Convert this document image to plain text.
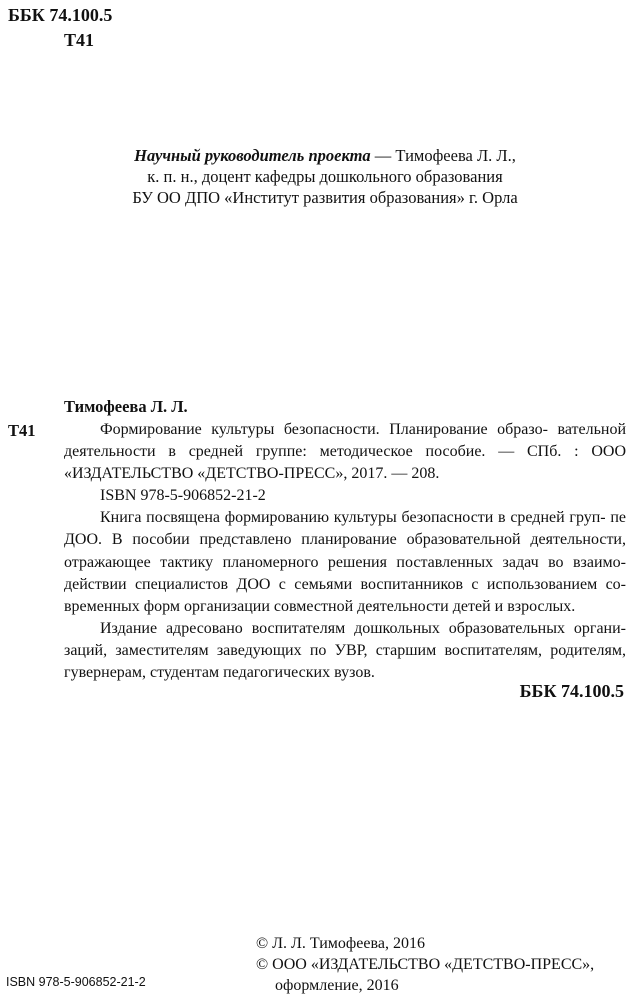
ББК 74.100.5
Т41
Научный руководитель проекта — Тимофеева Л. Л.,
к. п. н., доцент кафедры дошкольного образования
БУ ОО ДПО «Институт развития образования» г. Орла
Тимофеева Л. Л.
Т41	Формирование культуры безопасности. Планирование образо- вательной деятельности в средней группе: методическое пособие. — СПб. : ООО «ИЗДАТЕЛЬСТВО «ДЕТСТВО-ПРЕСС», 2017. — 208.

ISBN 978-5-906852-21-2

Книга посвящена формированию культуры безопасности в средней груп- пе ДОО. В пособии представлено планирование образовательной деятельности, отражающее тактику планомерного решения поставленных задач во взаимо- действии специалистов ДОО с семьями воспитанников с использованием со- временных форм организации совместной деятельности детей и взрослых.

Издание адресовано воспитателям дошкольных образовательных органи- заций, заместителям заведующих по УВР, старшим воспитателям, родителям, гувернерам, студентам педагогических вузов.

ББК 74.100.5
© Л. Л. Тимофеева, 2016
© ООО «ИЗДАТЕЛЬСТВО «ДЕТСТВО-ПРЕСС»,
оформление, 2016
ISBN 978-5-906852-21-2
